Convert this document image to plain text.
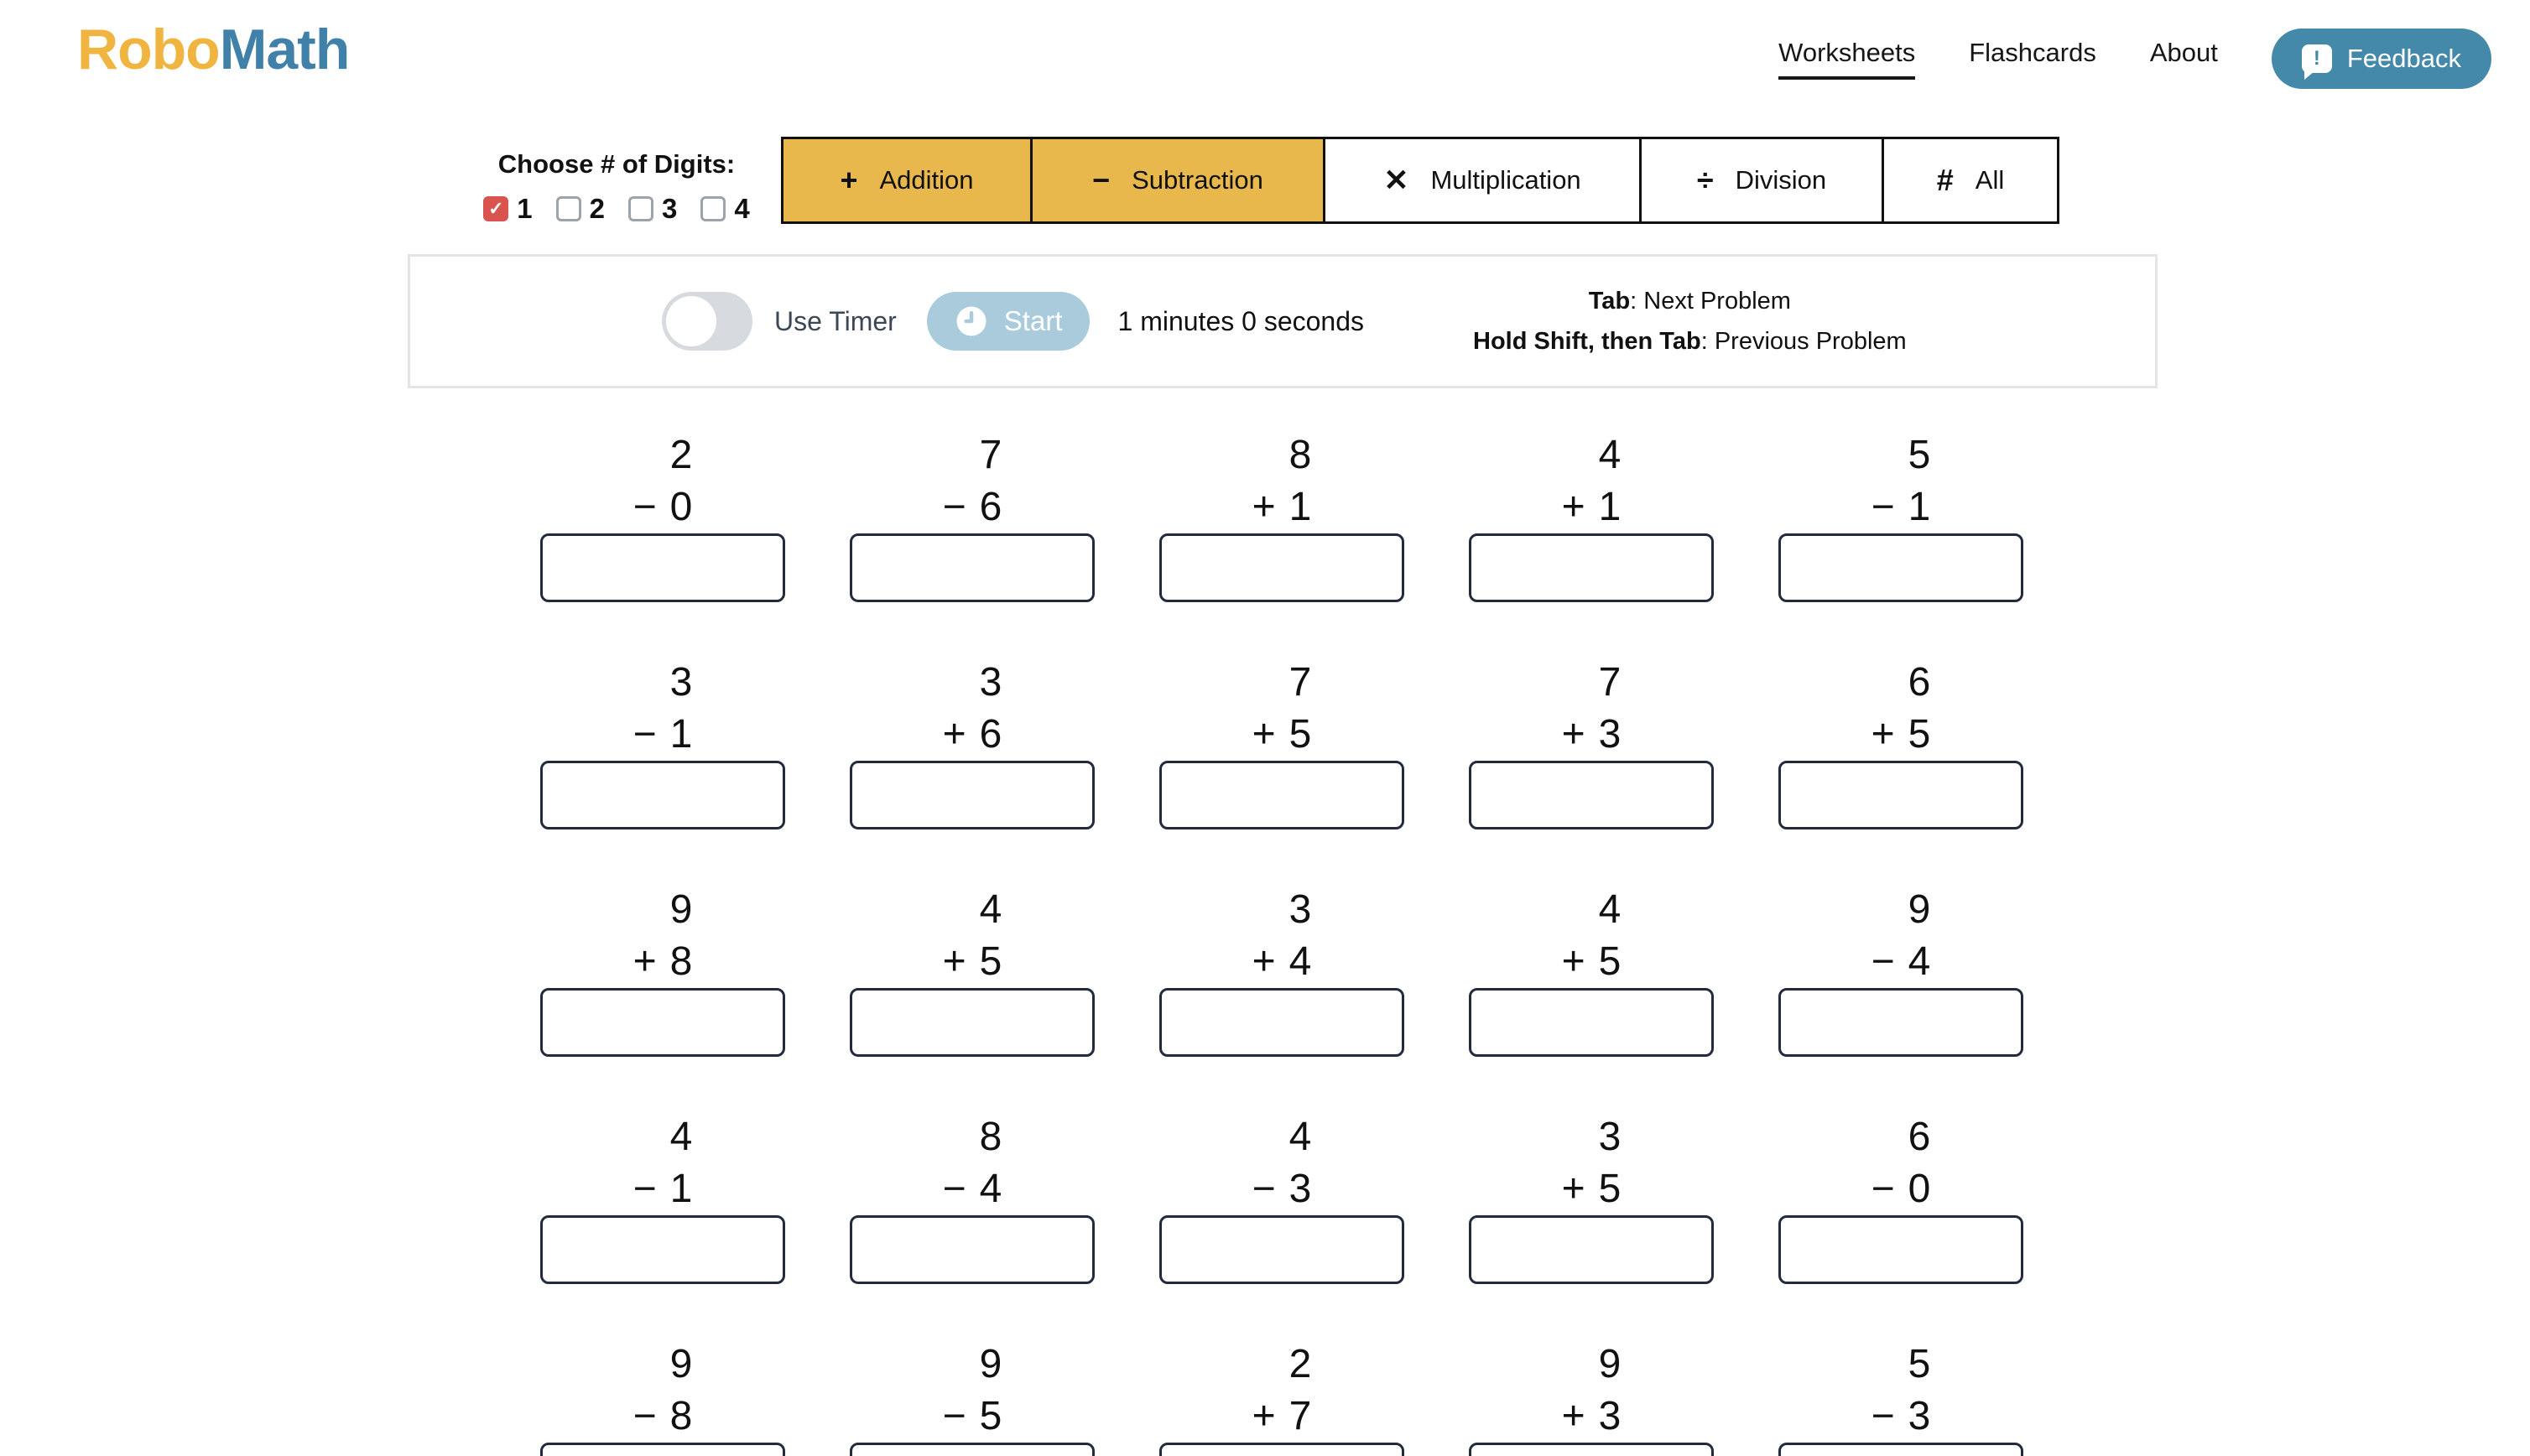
RoboMath	Worksheets Flashcards About	!	Feedback
Choose # of Digits:
✓ 1 2 3 4
+ Addition	− Subtraction	✕ Multiplication	÷ Division	# All
Use Timer	Start 1 minutes 0 seconds
Tab: Next Problem
Hold Shift, then Tab: Previous Problem
2
− 0
7
− 6
8
+ 1
4
+ 1
5
− 1
3
− 1
3
+ 6
7
+ 5
7
+ 3
6
+ 5
9
+ 8
4
+ 5
3
+ 4
4
+ 5
9
− 4
4
− 1
8
− 4
4
− 3
3
+ 5
6
− 0
9
− 8
9
− 5
2
+ 7
9
+ 3
5
− 3
